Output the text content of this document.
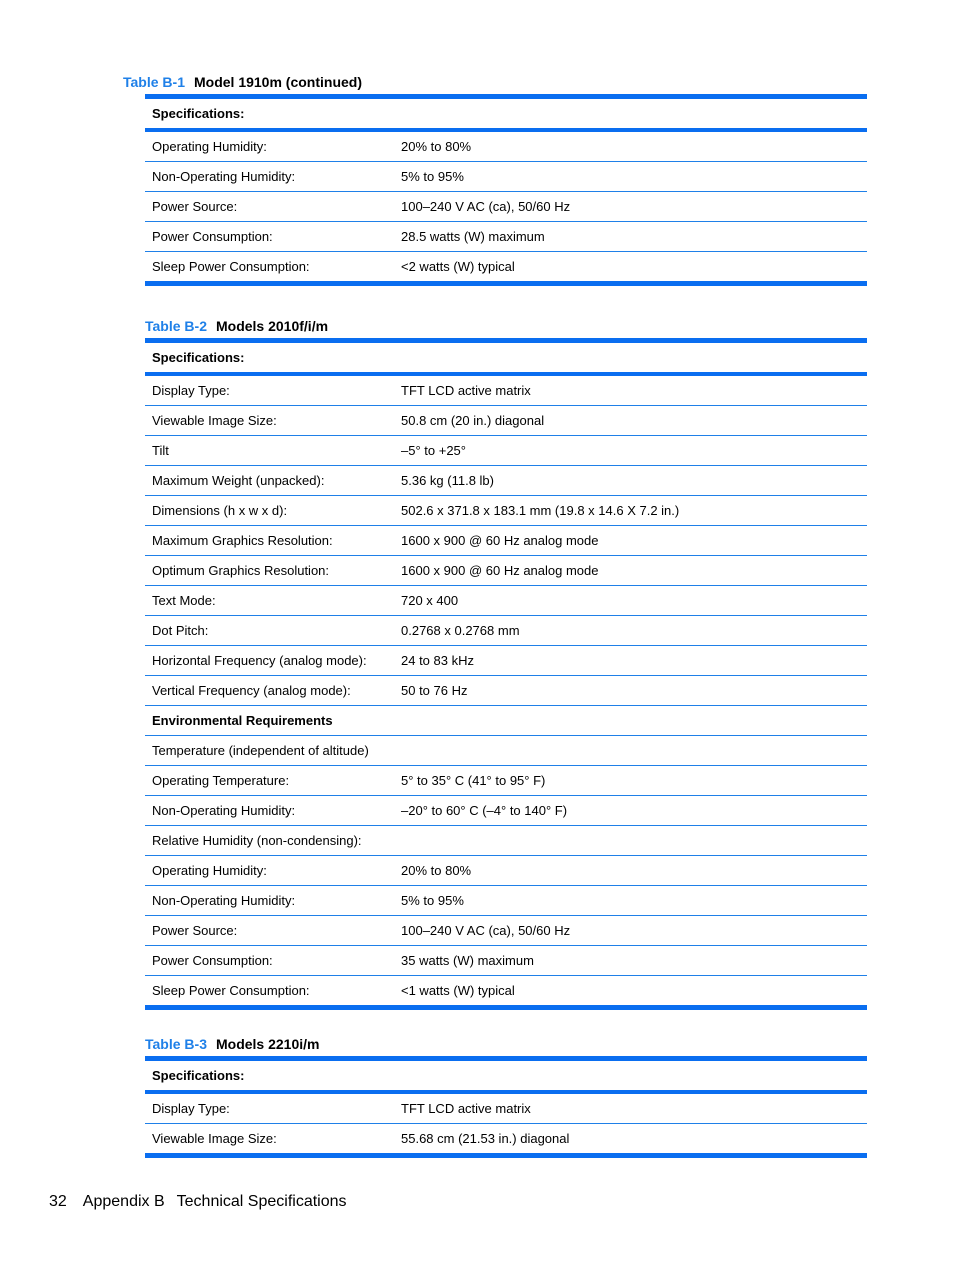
Table B-1 Model 1910m (continued)
Specifications:	
Operating Humidity:	20% to 80%
Non-Operating Humidity:	5% to 95%
Power Source:	100–240 V AC (ca), 50/60 Hz
Power Consumption:	28.5 watts (W) maximum
Sleep Power Consumption:	<2 watts (W) typical
Table B-2 Models 2010f/i/m
Specifications:	
Display Type:	TFT LCD active matrix
Viewable Image Size:	50.8 cm (20 in.) diagonal
Tilt	–5° to +25°
Maximum Weight (unpacked):	5.36 kg (11.8 lb)
Dimensions (h x w x d):	502.6 x 371.8 x 183.1 mm (19.8 x 14.6 X 7.2 in.)
Maximum Graphics Resolution:	1600 x 900 @ 60 Hz analog mode
Optimum Graphics Resolution:	1600 x 900 @ 60 Hz analog mode
Text Mode:	720 x 400
Dot Pitch:	0.2768 x 0.2768 mm
Horizontal Frequency (analog mode):	24 to 83 kHz
Vertical Frequency (analog mode):	50 to 76 Hz
Environmental Requirements	
Temperature (independent of altitude)	
Operating Temperature:	5° to 35° C (41° to 95° F)
Non-Operating Humidity:	–20° to 60° C (–4° to 140° F)
Relative Humidity (non-condensing):	
Operating Humidity:	20% to 80%
Non-Operating Humidity:	5% to 95%
Power Source:	100–240 V AC (ca), 50/60 Hz
Power Consumption:	35 watts (W) maximum
Sleep Power Consumption:	<1 watts (W) typical
Table B-3 Models 2210i/m
Specifications:	
Display Type:	TFT LCD active matrix
Viewable Image Size:	55.68 cm (21.53 in.) diagonal
32 Appendix B Technical Specifications
